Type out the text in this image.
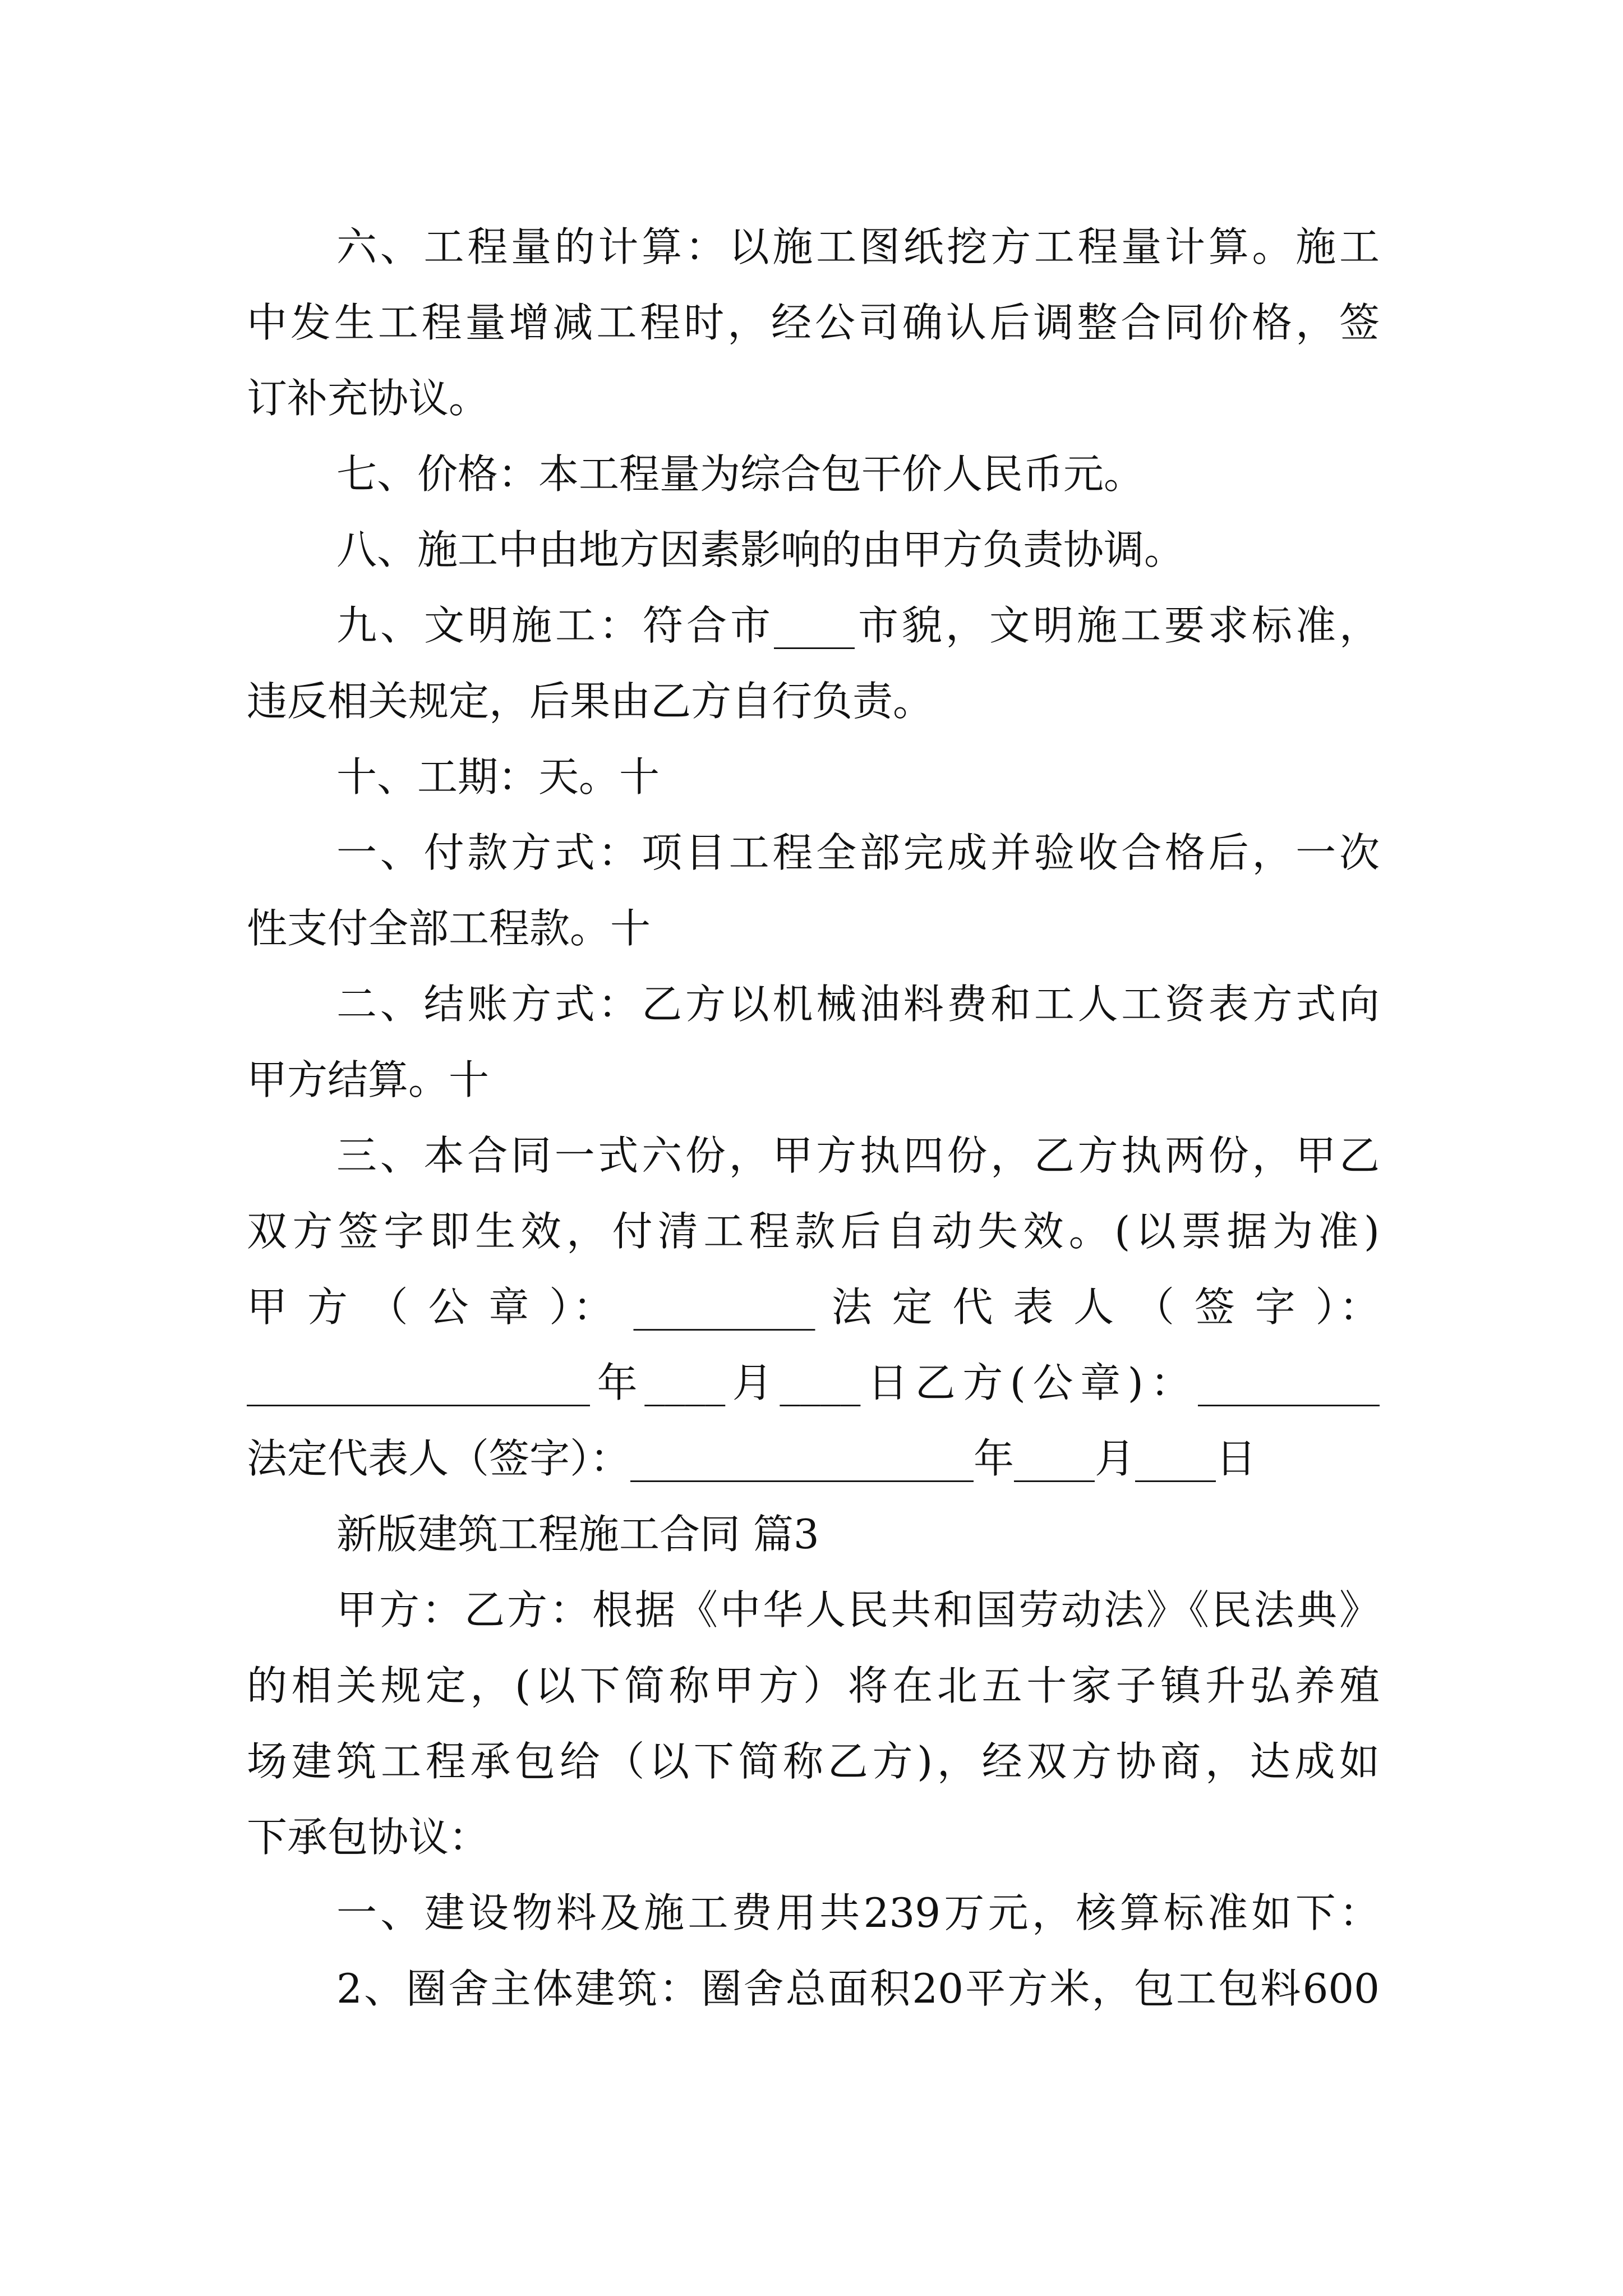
六、工程量的计算：以施工图纸挖方工程量计算。施工
中发生工程量增减工程时，经公司确认后调整合同价格，签
订补充协议。
七、价格：本工程量为综合包干价人民币元。
八、施工中由地方因素影响的由甲方负责协调。
九、文明施工：符合市____市貌，文明施工要求标准，
违反相关规定，后果由乙方自行负责。
十、工期：天。十
一、付款方式：项目工程全部完成并验收合格后，一次
性支付全部工程款。十
二、结账方式：乙方以机械油料费和工人工资表方式向
甲方结算。十
三、本合同一式六份，甲方执四份，乙方执两份，甲乙
双方签字即生效，付清工程款后自动失效。(以票据为准)
甲 方 （ 公 章 ）： _________ 法 定 代 表 人 （ 签 字 ）：
_________________年____月____日乙方(公章)：_________
法定代表人（签字）：_________________年____月____日
新版建筑工程施工合同 篇3
甲方：乙方：根据《中华人民共和国劳动法》《民法典》
的相关规定，(以下简称甲方）将在北五十家子镇升弘养殖
场建筑工程承包给（以下简称乙方)，经双方协商，达成如
下承包协议：
一、建设物料及施工费用共239万元，核算标准如下：
2、圈舍主体建筑：圈舍总面积20平方米，包工包料600
